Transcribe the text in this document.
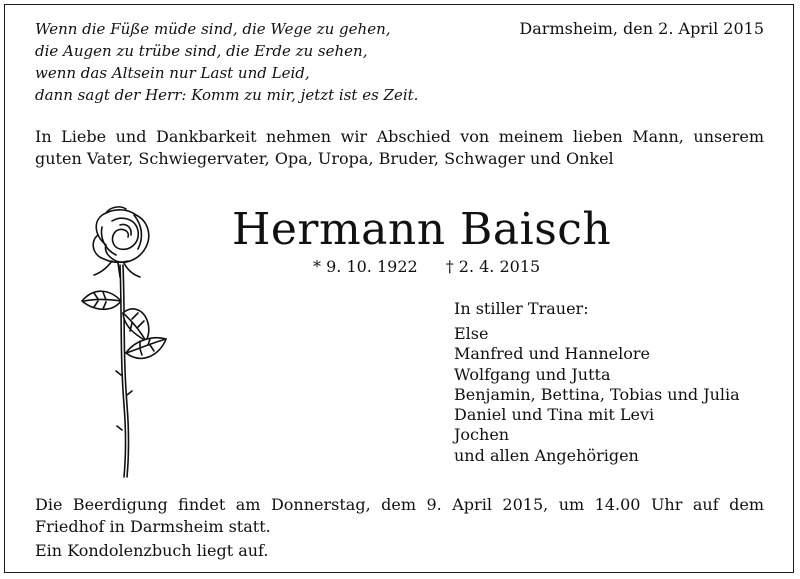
Wenn die Füße müde sind, die Wege zu gehen,
die Augen zu trübe sind, die Erde zu sehen,
wenn das Altsein nur Last und Leid,
dann sagt der Herr: Komm zu mir, jetzt ist es Zeit.
Darmsheim, den 2. April 2015
In Liebe und Dankbarkeit nehmen wir Abschied von meinem lieben Mann, unserem guten Vater, Schwiegervater, Opa, Uropa, Bruder, Schwager und Onkel
Hermann Baisch
* 9. 10. 1922 † 2. 4. 2015
In stiller Trauer:
Else
Manfred und Hannelore
Wolfgang und Jutta
Benjamin, Bettina, Tobias und Julia
Daniel und Tina mit Levi
Jochen
und allen Angehörigen
Die Beerdigung findet am Donnerstag, dem 9. April 2015, um 14.00 Uhr auf dem Friedhof in Darmsheim statt.
Ein Kondolenzbuch liegt auf.
